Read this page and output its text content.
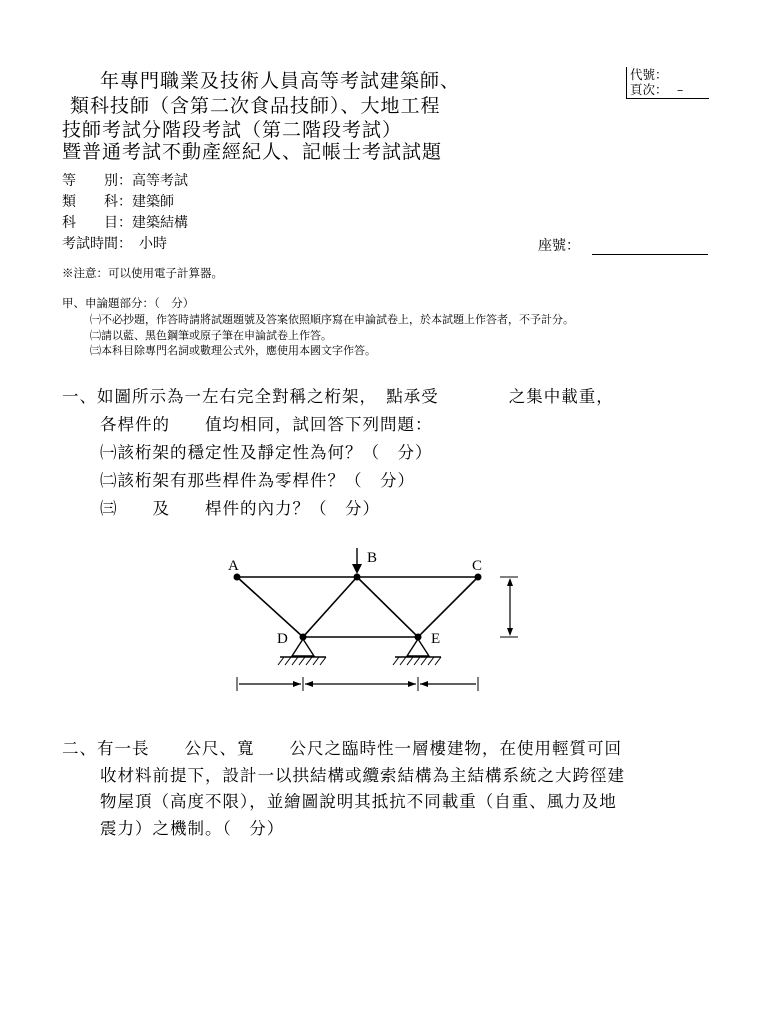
年專門職業及技術人員高等考試建築師、
類科技師（含第二次食品技師）、大地工程
技師考試分階段考試（第二階段考試）
暨普通考試不動產經紀人、記帳士考試試題
代號：
頁次： –
等　　別：高等考試
類　　科：建築師
科　　目：建築結構
考試時間：　小時	座號：
※注意：可以使用電子計算器。
甲、申論題部分：（　分）
㈠不必抄題，作答時請將試題題號及答案依照順序寫在申論試卷上，於本試題上作答者，不予計分。
㈡請以藍、黑色鋼筆或原子筆在申論試卷上作答。
㈢本科目除專門名詞或數理公式外，應使用本國文字作答。
一、如圖所示為一左右完全對稱之桁架，　點承受　　　　之集中載重，
各桿件的　　值均相同，試回答下列問題：
㈠該桁架的穩定性及靜定性為何？（　分）
㈡該桁架有那些桿件為零桿件？（　分）
㈢　　及　　桿件的內力？（　分）
A	B	C
D	E
二、有一長　　公尺、寬　　公尺之臨時性一層樓建物，在使用輕質可回
收材料前提下，設計一以拱結構或纜索結構為主結構系統之大跨徑建
物屋頂（高度不限），並繪圖說明其抵抗不同載重（自重、風力及地
震力）之機制。（　分）
